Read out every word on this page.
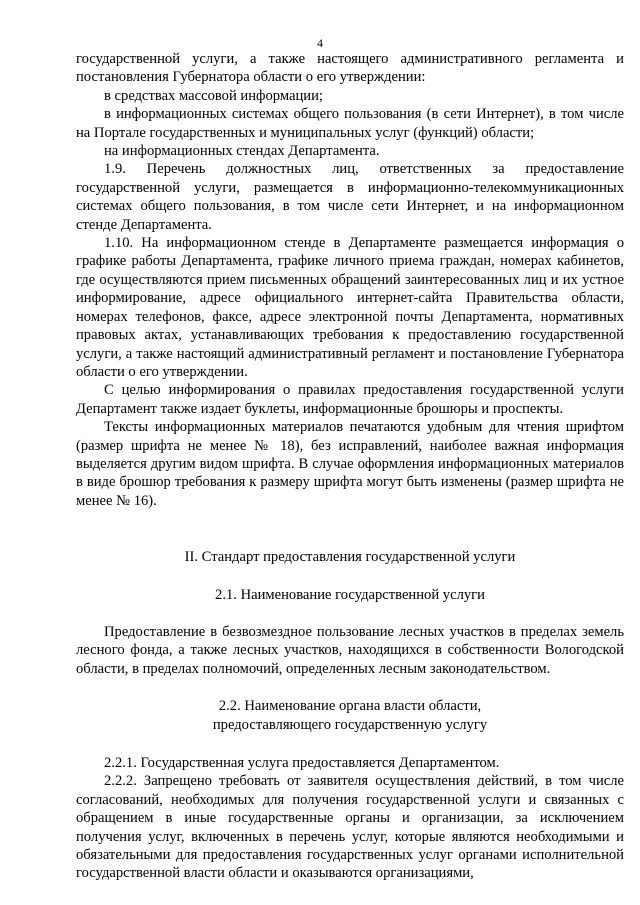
4

государственной услуги, а также настоящего административного регламента и постановления Губернатора области о его утверждении:

в средствах массовой информации;

в информационных системах общего пользования (в сети Интернет), в том числе на Портале государственных и муниципальных услуг (функций) области;

на информационных стендах Департамента.

1.9. Перечень должностных лиц, ответственных за предоставление государственной услуги, размещается в информационно-телекоммуникационных системах общего пользования, в том числе сети Интернет, и на информационном стенде Департамента.

1.10. На информационном стенде в Департаменте размещается информация о графике работы Департамента, графике личного приема граждан, номерах кабинетов, где осуществляются прием письменных обращений заинтересованных лиц и их устное информирование, адресе официального интернет-сайта Правительства области, номерах телефонов, факсе, адресе электронной почты Департамента, нормативных правовых актах, устанавливающих требования к предоставлению государственной услуги, а также настоящий административный регламент и постановление Губернатора области о его утверждении.

С целью информирования о правилах предоставления государственной услуги Департамент также издает буклеты, информационные брошюры и проспекты.

Тексты информационных материалов печатаются удобным для чтения шрифтом (размер шрифта не менее № 18), без исправлений, наиболее важная информация выделяется другим видом шрифта. В случае оформления информационных материалов в виде брошюр требования к размеру шрифта могут быть изменены (размер шрифта не менее № 16).

II. Стандарт предоставления государственной услуги

2.1. Наименование государственной услуги

Предоставление в безвозмездное пользование лесных участков в пределах земель лесного фонда, а также лесных участков, находящихся в собственности Вологодской области, в пределах полномочий, определенных лесным законодательством.

2.2. Наименование органа власти области,

предоставляющего государственную услугу

2.2.1. Государственная услуга предоставляется Департаментом.

2.2.2. Запрещено требовать от заявителя осуществления действий, в том числе согласований, необходимых для получения государственной услуги и связанных с обращением в иные государственные органы и организации, за исключением получения услуг, включенных в перечень услуг, которые являются необходимыми и обязательными для предоставления государственных услуг органами исполнительной государственной власти области и оказываются организациями,
